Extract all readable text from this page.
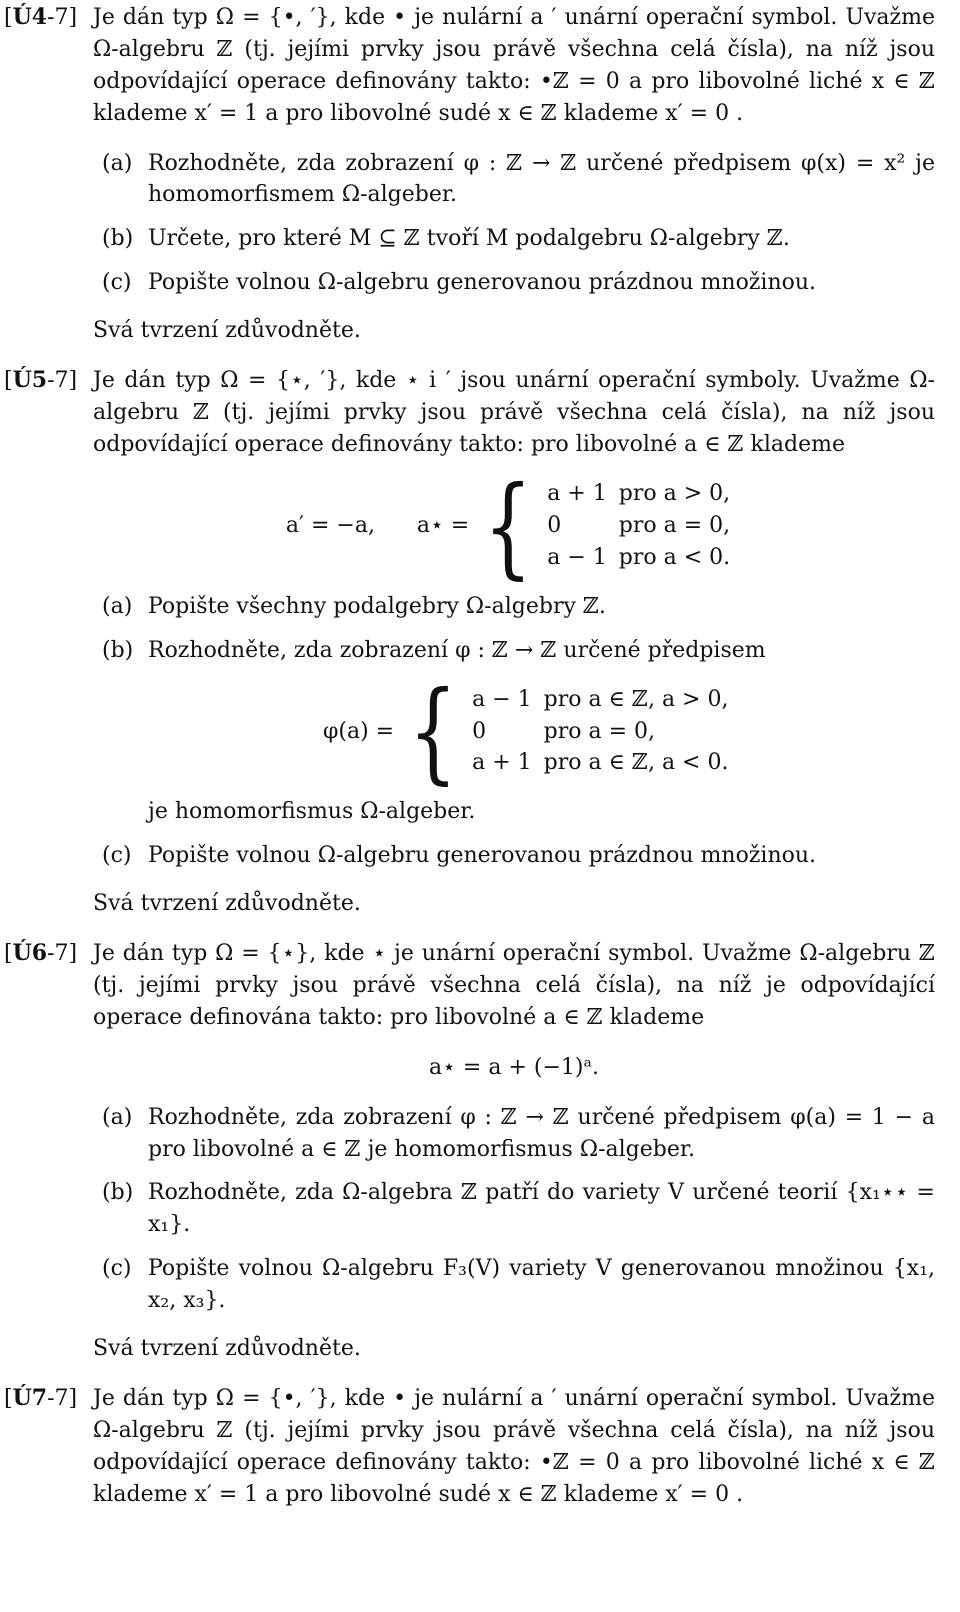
[Ú4-7] Je dán typ Ω = {•, ′}, kde • je nulární a ′ unární operační symbol. Uvažme Ω-algebru ℤ (tj. jejími prvky jsou právě všechna celá čísla), na níž jsou odpovídající operace definovány takto: •ℤ = 0 a pro libovolné liché x ∈ ℤ klademe x′ = 1 a pro libovolné sudé x ∈ ℤ klademe x′ = 0 .
(a) Rozhodněte, zda zobrazení φ : ℤ → ℤ určené předpisem φ(x) = x² je homomorfismem Ω-algeber.
(b) Určete, pro které M ⊆ ℤ tvoří M podalgebru Ω-algebry ℤ.
(c) Popište volnou Ω-algebru generovanou prázdnou množinou.
Svá tvrzení zdůvodněte.
[Ú5-7] Je dán typ Ω = {⋆, ′}, kde ⋆ i ′ jsou unární operační symboly. Uvažme Ω-algebru ℤ (tj. jejími prvky jsou právě všechna celá čísla), na níž jsou odpovídající operace definovány takto: pro libovolné a ∈ ℤ klademe
a′ = −a,      a⋆ = { a + 1	pro a > 0,
0	pro a = 0,
a − 1	pro a < 0.
(a) Popište všechny podalgebry Ω-algebry ℤ.
(b) Rozhodněte, zda zobrazení φ : ℤ → ℤ určené předpisem
φ(a) = { a − 1	pro a ∈ ℤ, a > 0,
0	pro a = 0,
a + 1	pro a ∈ ℤ, a < 0.
je homomorfismus Ω-algeber.
(c) Popište volnou Ω-algebru generovanou prázdnou množinou.
Svá tvrzení zdůvodněte.
[Ú6-7] Je dán typ Ω = {⋆}, kde ⋆ je unární operační symbol. Uvažme Ω-algebru ℤ (tj. jejími prvky jsou právě všechna celá čísla), na níž je odpovídající operace definována takto: pro libovolné a ∈ ℤ klademe
a⋆ = a + (−1)ᵃ.
(a) Rozhodněte, zda zobrazení φ : ℤ → ℤ určené předpisem φ(a) = 1 − a pro libovolné a ∈ ℤ je homomorfismus Ω-algeber.
(b) Rozhodněte, zda Ω-algebra ℤ patří do variety V určené teorií {x₁⋆⋆ = x₁}.
(c) Popište volnou Ω-algebru F₃(V) variety V generovanou množinou {x₁, x₂, x₃}.
Svá tvrzení zdůvodněte.
[Ú7-7] Je dán typ Ω = {•, ′}, kde • je nulární a ′ unární operační symbol. Uvažme Ω-algebru ℤ (tj. jejími prvky jsou právě všechna celá čísla), na níž jsou odpovídající operace definovány takto: •ℤ = 0 a pro libovolné liché x ∈ ℤ klademe x′ = 1 a pro libovolné sudé x ∈ ℤ klademe x′ = 0 .
